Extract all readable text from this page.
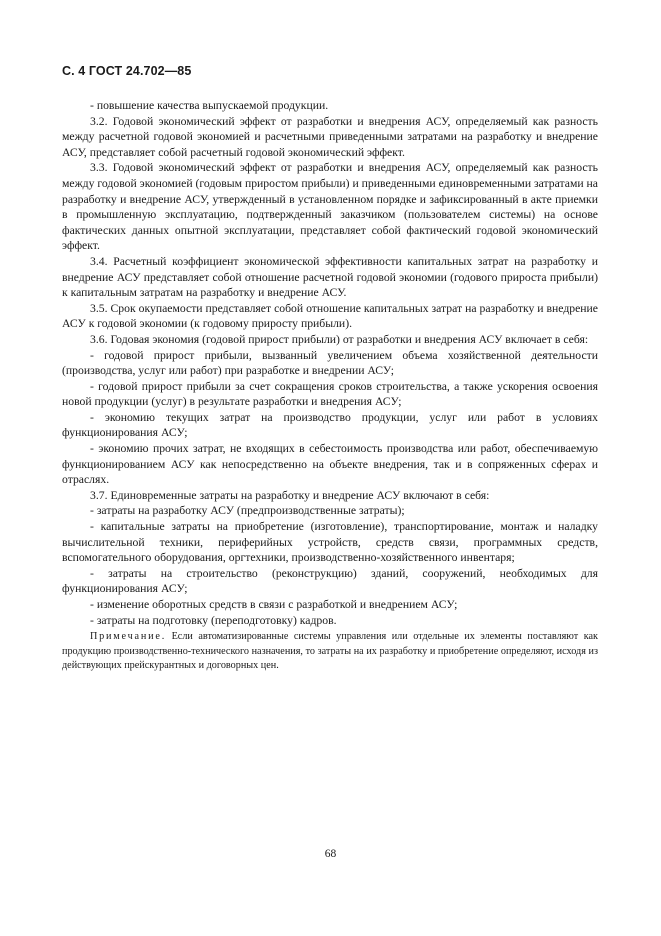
С. 4 ГОСТ 24.702—85

- повышение качества выпускаемой продукции.

3.2. Годовой экономический эффект от разработки и внедрения АСУ, определяемый как разность между расчетной годовой экономией и расчетными приведенными затратами на разработку и внедрение АСУ, представляет собой расчетный годовой экономический эффект.

3.3. Годовой экономический эффект от разработки и внедрения АСУ, определяемый как разность между годовой экономией (годовым приростом прибыли) и приведенными единовременными затратами на разработку и внедрение АСУ, утвержденный в установленном порядке и зафиксированный в акте приемки в промышленную эксплуатацию, подтвержденный заказчиком (пользователем системы) на основе фактических данных опытной эксплуатации, представляет собой фактический годовой экономический эффект.

3.4. Расчетный коэффициент экономической эффективности капитальных затрат на разработку и внедрение АСУ представляет собой отношение расчетной годовой экономии (годового прироста прибыли) к капитальным затратам на разработку и внедрение АСУ.

3.5. Срок окупаемости представляет собой отношение капитальных затрат на разработку и внедрение АСУ к годовой экономии (к годовому приросту прибыли).

3.6. Годовая экономия (годовой прирост прибыли) от разработки и внедрения АСУ включает в себя:

- годовой прирост прибыли, вызванный увеличением объема хозяйственной деятельности (производства, услуг или работ) при разработке и внедрении АСУ;

- годовой прирост прибыли за счет сокращения сроков строительства, а также ускорения освоения новой продукции (услуг) в результате разработки и внедрения АСУ;

- экономию текущих затрат на производство продукции, услуг или работ в условиях функционирования АСУ;

- экономию прочих затрат, не входящих в себестоимость производства или работ, обеспечиваемую функционированием АСУ как непосредственно на объекте внедрения, так и в сопряженных сферах и отраслях.

3.7. Единовременные затраты на разработку и внедрение АСУ включают в себя:

- затраты на разработку АСУ (предпроизводственные затраты);

- капитальные затраты на приобретение (изготовление), транспортирование, монтаж и наладку вычислительной техники, периферийных устройств, средств связи, программных средств, вспомогательного оборудования, оргтехники, производственно-хозяйственного инвентаря;

- затраты на строительство (реконструкцию) зданий, сооружений, необходимых для функционирования АСУ;

- изменение оборотных средств в связи с разработкой и внедрением АСУ;

- затраты на подготовку (переподготовку) кадров.

Примечание. Если автоматизированные системы управления или отдельные их элементы поставляют как продукцию производственно-технического назначения, то затраты на их разработку и приобретение определяют, исходя из действующих прейскурантных и договорных цен.

68
